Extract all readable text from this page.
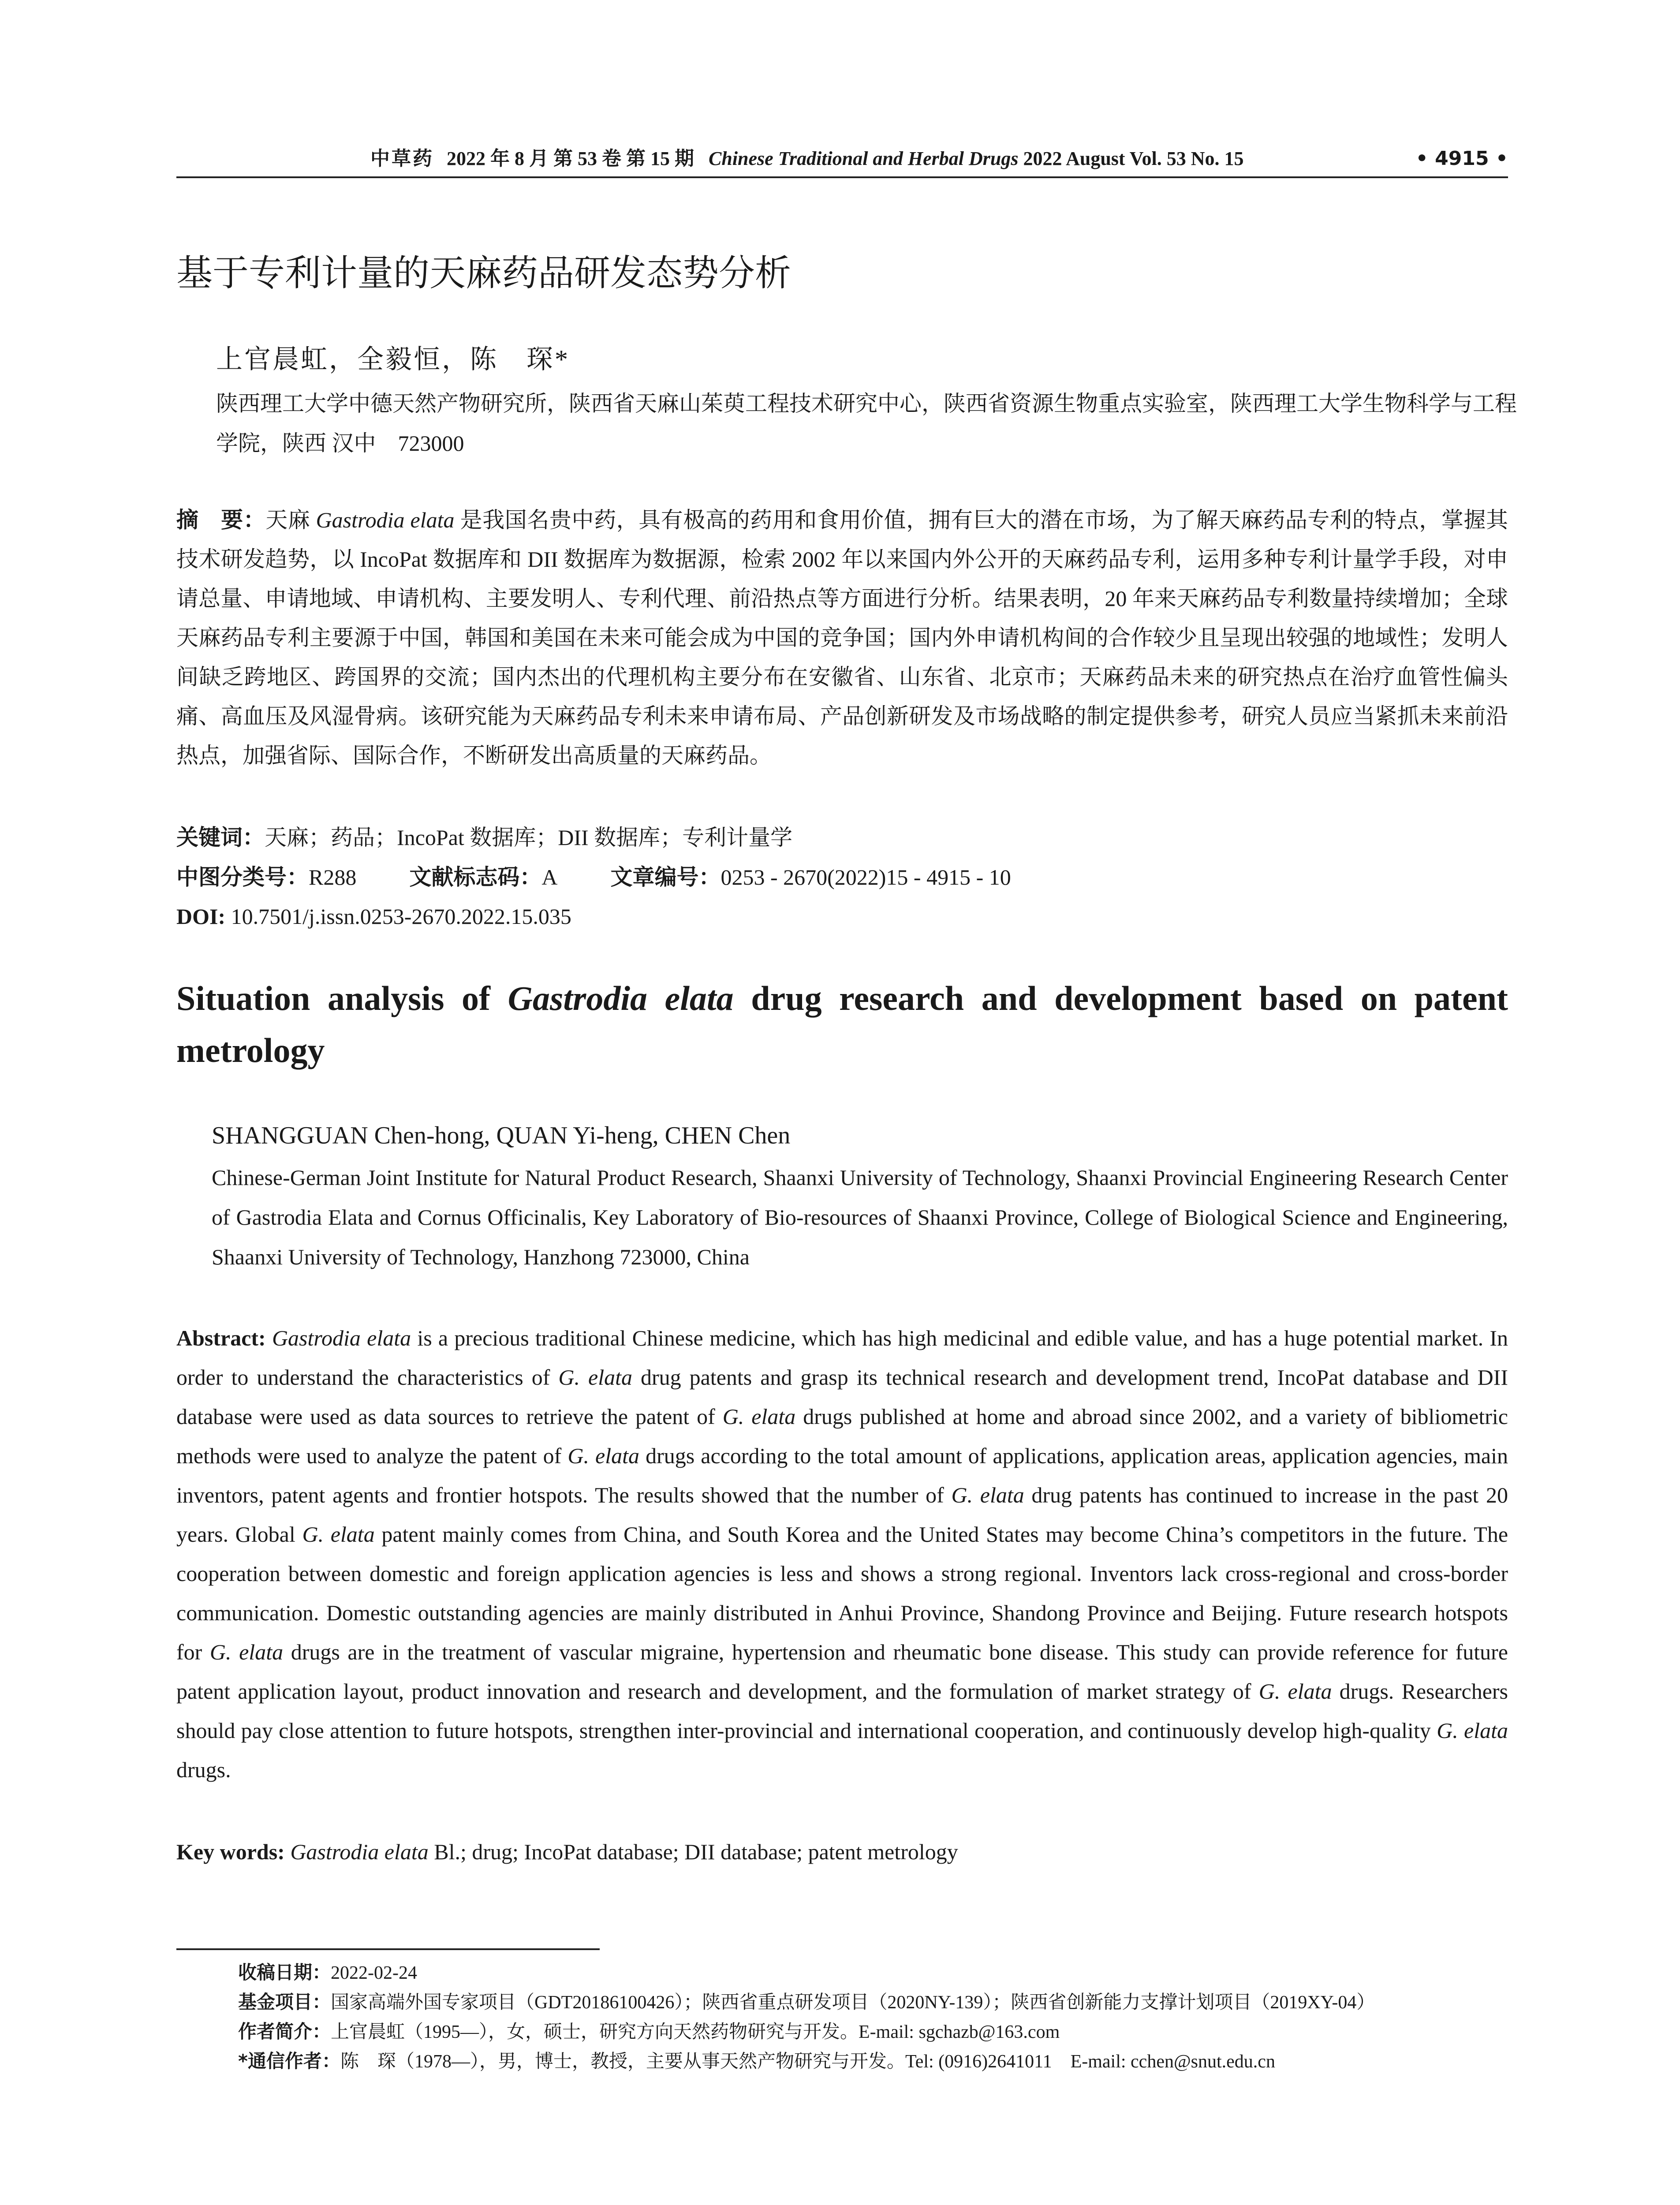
中草药 2022 年 8 月 第 53 卷 第 15 期 Chinese Traditional and Herbal Drugs 2022 August Vol. 53 No. 15	• 4915 •
基于专利计量的天麻药品研发态势分析
上官晨虹，全毅恒，陈　琛*
陕西理工大学中德天然产物研究所，陕西省天麻山茱萸工程技术研究中心，陕西省资源生物重点实验室，陕西理工大学生物科学与工程学院，陕西 汉中　723000
摘　要：天麻 Gastrodia elata 是我国名贵中药，具有极高的药用和食用价值，拥有巨大的潜在市场，为了解天麻药品专利的特点，掌握其技术研发趋势，以 IncoPat 数据库和 DII 数据库为数据源，检索 2002 年以来国内外公开的天麻药品专利，运用多种专利计量学手段，对申请总量、申请地域、申请机构、主要发明人、专利代理、前沿热点等方面进行分析。结果表明，20 年来天麻药品专利数量持续增加；全球天麻药品专利主要源于中国，韩国和美国在未来可能会成为中国的竞争国；国内外申请机构间的合作较少且呈现出较强的地域性；发明人间缺乏跨地区、跨国界的交流；国内杰出的代理机构主要分布在安徽省、山东省、北京市；天麻药品未来的研究热点在治疗血管性偏头痛、高血压及风湿骨病。该研究能为天麻药品专利未来申请布局、产品创新研发及市场战略的制定提供参考，研究人员应当紧抓未来前沿热点，加强省际、国际合作，不断研发出高质量的天麻药品。
关键词：天麻；药品；IncoPat 数据库；DII 数据库；专利计量学
中图分类号：R288 文献标志码：A 文章编号：0253 - 2670(2022)15 - 4915 - 10
DOI: 10.7501/j.issn.0253-2670.2022.15.035
Situation analysis of Gastrodia elata drug research and development based on patent metrology
SHANGGUAN Chen-hong, QUAN Yi-heng, CHEN Chen
Chinese-German Joint Institute for Natural Product Research, Shaanxi University of Technology, Shaanxi Provincial Engineering Research Center of Gastrodia Elata and Cornus Officinalis, Key Laboratory of Bio-resources of Shaanxi Province, College of Biological Science and Engineering, Shaanxi University of Technology, Hanzhong 723000, China
Abstract: Gastrodia elata is a precious traditional Chinese medicine, which has high medicinal and edible value, and has a huge potential market. In order to understand the characteristics of G. elata drug patents and grasp its technical research and development trend, IncoPat database and DII database were used as data sources to retrieve the patent of G. elata drugs published at home and abroad since 2002, and a variety of bibliometric methods were used to analyze the patent of G. elata drugs according to the total amount of applications, application areas, application agencies, main inventors, patent agents and frontier hotspots. The results showed that the number of G. elata drug patents has continued to increase in the past 20 years. Global G. elata patent mainly comes from China, and South Korea and the United States may become China’s competitors in the future. The cooperation between domestic and foreign application agencies is less and shows a strong regional. Inventors lack cross-regional and cross-border communication. Domestic outstanding agencies are mainly distributed in Anhui Province, Shandong Province and Beijing. Future research hotspots for G. elata drugs are in the treatment of vascular migraine, hypertension and rheumatic bone disease. This study can provide reference for future patent application layout, product innovation and research and development, and the formulation of market strategy of G. elata drugs. Researchers should pay close attention to future hotspots, strengthen inter-provincial and international cooperation, and continuously develop high-quality G. elata drugs.
Key words: Gastrodia elata Bl.; drug; IncoPat database; DII database; patent metrology
收稿日期：2022-02-24
基金项目：国家高端外国专家项目（GDT20186100426）；陕西省重点研发项目（2020NY-139）；陕西省创新能力支撑计划项目（2019XY-04）
作者简介：上官晨虹（1995—），女，硕士，研究方向天然药物研究与开发。E-mail: sgchazb@163.com
*通信作者：陈　琛（1978—），男，博士，教授，主要从事天然产物研究与开发。Tel: (0916)2641011　E-mail: cchen@snut.edu.cn
